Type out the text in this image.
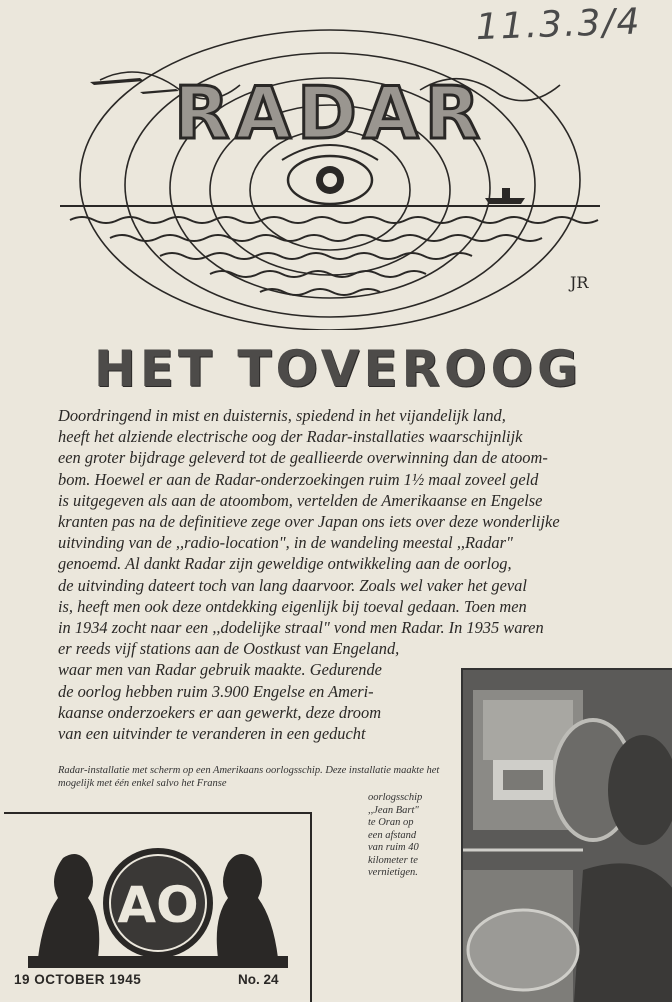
11.3.3/4
RADAR
JR
HET TOVEROOG
Doordringend in mist en duisternis, spiedend in het vijandelijk land,
heeft het alziende electrische oog der Radar-installaties waarschijnlijk
een groter bijdrage geleverd tot de geallieerde overwinning dan de atoom-
bom. Hoewel er aan de Radar-onderzoekingen ruim 1½ maal zoveel geld
is uitgegeven als aan de atoombom, vertelden de Amerikaanse en Engelse
kranten pas na de definitieve zege over Japan ons iets over deze wonderlijke
uitvinding van de ,,radio-location", in de wandeling meestal ,,Radar"
genoemd. Al dankt Radar zijn geweldige ontwikkeling aan de oorlog,
de uitvinding dateert toch van lang daarvoor. Zoals wel vaker het geval
is, heeft men ook deze ontdekking eigenlijk bij toeval gedaan. Toen men
in 1934 zocht naar een ,,dodelijke straal" vond men Radar. In 1935 waren
er reeds vijf stations aan de Oostkust van Engeland,
waar men van Radar gebruik maakte. Gedurende
de oorlog hebben ruim 3.900 Engelse en Ameri-
kaanse onderzoekers er aan gewerkt, deze droom
van een uitvinder te veranderen in een geducht
Radar-installatie met scherm op een Amerikaans oorlogsschip. Deze installatie maakte het mogelijk met één enkel salvo het Franse
oorlogsschip
,,Jean Bart"
te Oran op
een afstand
van ruim 40
kilometer te
vernietigen.
AO
19 OCTOBER 1945	No. 24
